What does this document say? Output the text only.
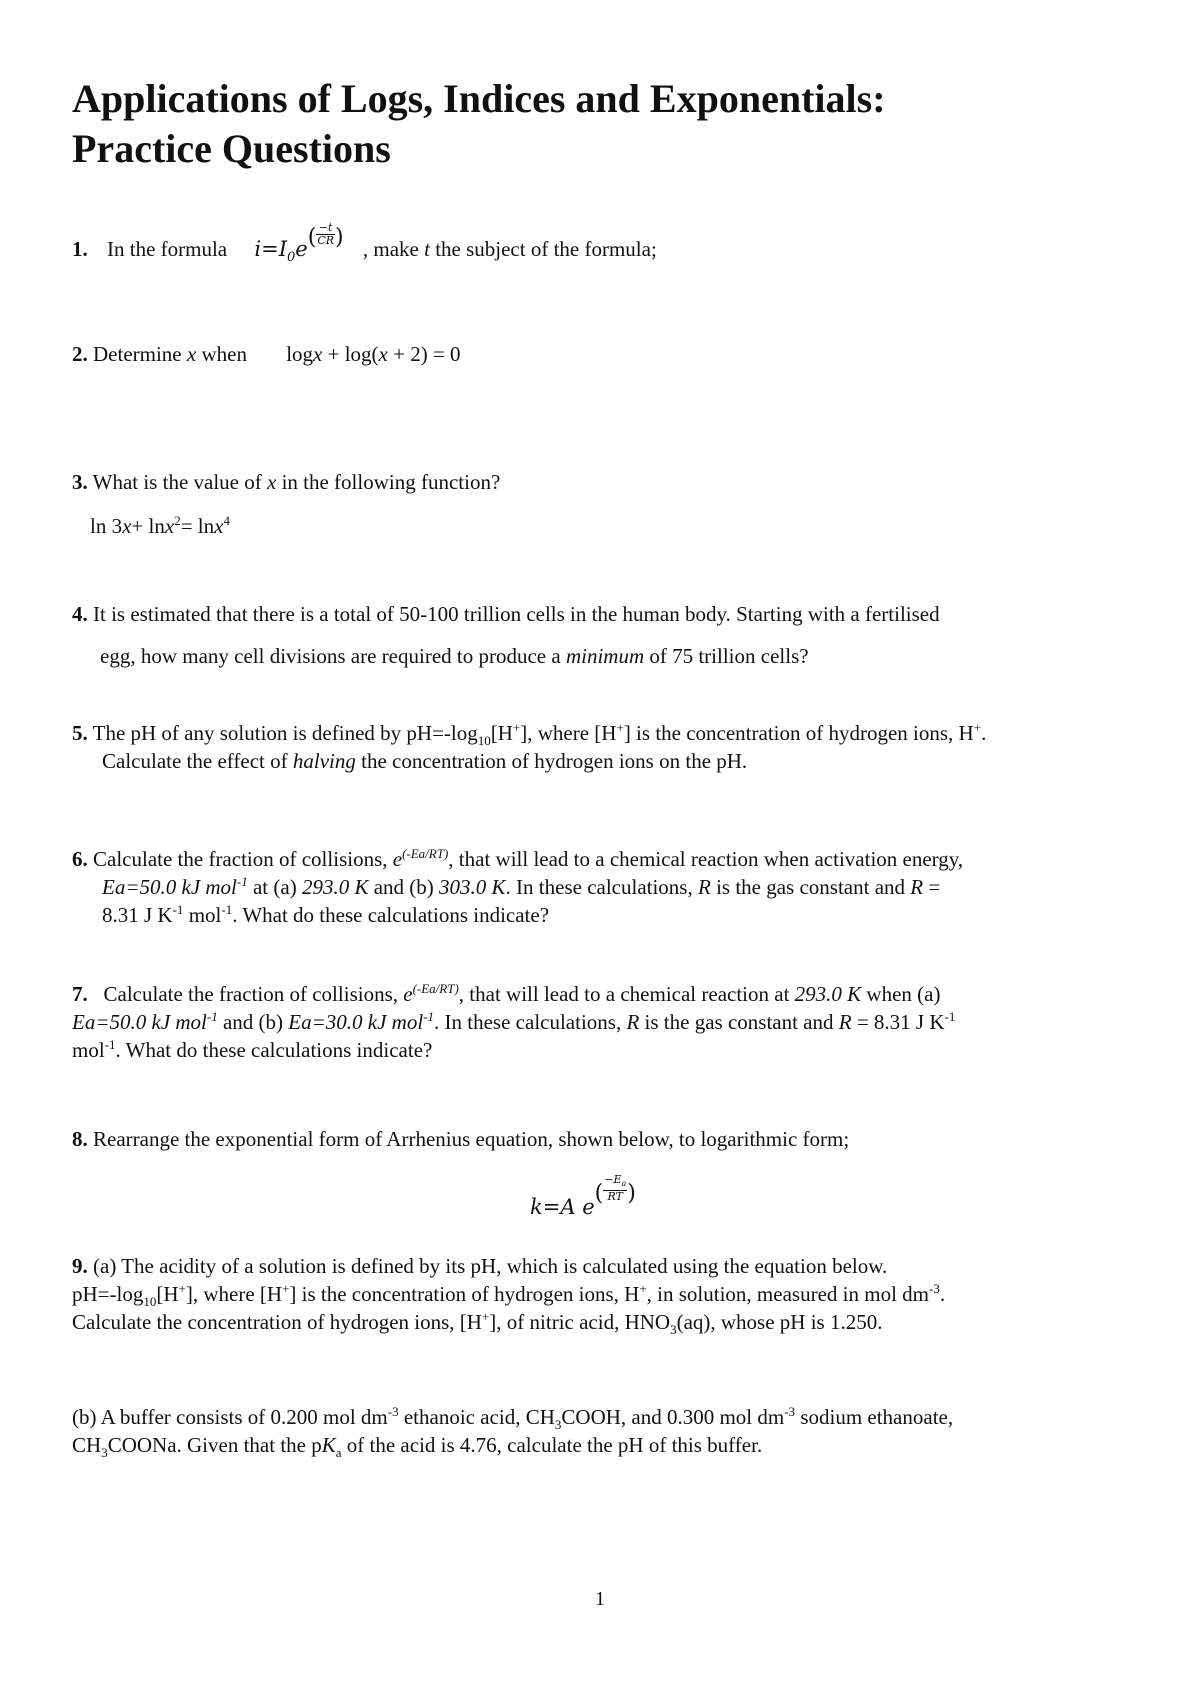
Applications of Logs, Indices and Exponentials:
Practice Questions
1. In the formula $i=I_0e( \frac{-t}{CR}$ ) , make t the subject of the formula;
2. Determine x when logx + log(x + 2) = 0
3. What is the value of x in the following function?
ln 3x+ lnx$^2$= lnx$^4$
4. It is estimated that there is a total of 50-100 trillion cells in the human body. Starting with a fertilised
egg, how many cell divisions are required to produce a minimum of 75 trillion cells?
5. The pH of any solution is defined by $pH=-\log_{10}[H^+]$, where [H+] is the concentration of hydrogen ions, H+.
Calculate the effect of halving the concentration of hydrogen ions on the pH.
6. Calculate the fraction of collisions, $e^{(-Ea/RT)}$, that will lead to a chemical reaction when activation energy,
Ea=50.0 kJ mol$^{-1}$ at (a) 293.0 K and (b) 303.0 K. In these calculations, R is the gas constant and R =
8.31 J $K^{-1}$ mol$^{-1}$. What do these calculations indicate?
7.   Calculate the fraction of collisions, $e^{(-Ea/RT)}$, that will lead to a chemical reaction at 293.0 K when (a)
Ea=50.0 kJ mol$^{-1}$ and (b) Ea=30.0 kJ mol$^{-1}$. In these calculations, R is the gas constant and R = 8.31 J $K^{-1}$
mol$^{-1}$. What do these calculations indicate?
8. Rearrange the exponential form of Arrhenius equation, shown below, to logarithmic form;
k=A $e( \frac{-E_a}{RT}$ )
9. (a) The acidity of a solution is defined by its pH, which is calculated using the equation below.
$pH=-\log_{10}[H^+]$, where [H+] is the concentration of hydrogen ions, H+, in solution, measured in mol $dm^{-3}$.
Calculate the concentration of hydrogen ions, [H+], of nitric acid, $HNO_3(aq)$, whose pH is 1.250.
(b) A buffer consists of 0.200 mol $dm^{-3}$ ethanoic acid, $CH_3COOH$, and 0.300 mol $dm^{-3}$ sodium ethanoate,
$CH_3COONa$. Given that the $pK_a$ of the acid is 4.76, calculate the pH of this buffer.
1
